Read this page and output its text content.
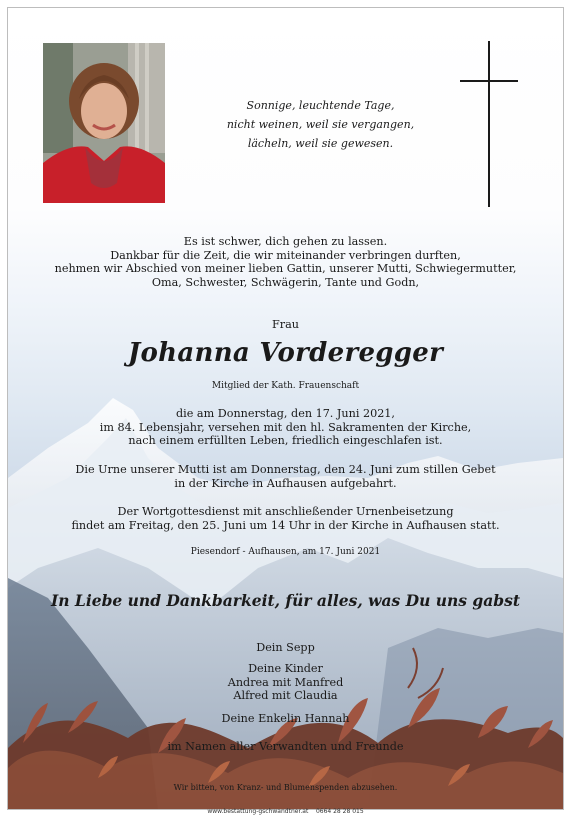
Sonnige, leuchtende Tage,
nicht weinen, weil sie vergangen,
lächeln, weil sie gewesen.
Es ist schwer, dich gehen zu lassen.
Dankbar für die Zeit, die wir miteinander verbringen durften,
nehmen wir Abschied von meiner lieben Gattin, unserer Mutti, Schwiegermutter,
Oma, Schwester, Schwägerin, Tante und Godn,
Frau
Johanna Vorderegger
Mitglied der Kath. Frauenschaft
die am Donnerstag, den 17. Juni 2021,
im 84. Lebensjahr, versehen mit den hl. Sakramenten der Kirche,
nach einem erfüllten Leben, friedlich eingeschlafen ist.
Die Urne unserer Mutti ist am Donnerstag, den 24. Juni zum stillen Gebet
in der Kirche in Aufhausen aufgebahrt.
Der Wortgottesdienst mit anschließender Urnenbeisetzung
findet am Freitag, den 25. Juni um 14 Uhr in der Kirche in Aufhausen statt.
Piesendorf - Aufhausen, am 17. Juni 2021
In Liebe und Dankbarkeit, für alles, was Du uns gabst
Dein Sepp
Deine Kinder
Andrea mit Manfred
Alfred mit Claudia
Deine Enkelin Hannah
im Namen aller Verwandten und Freunde
Wir bitten, von Kranz- und Blumenspenden abzusehen.
www.bestattung-gschwandtner.at 0664 28 28 015
